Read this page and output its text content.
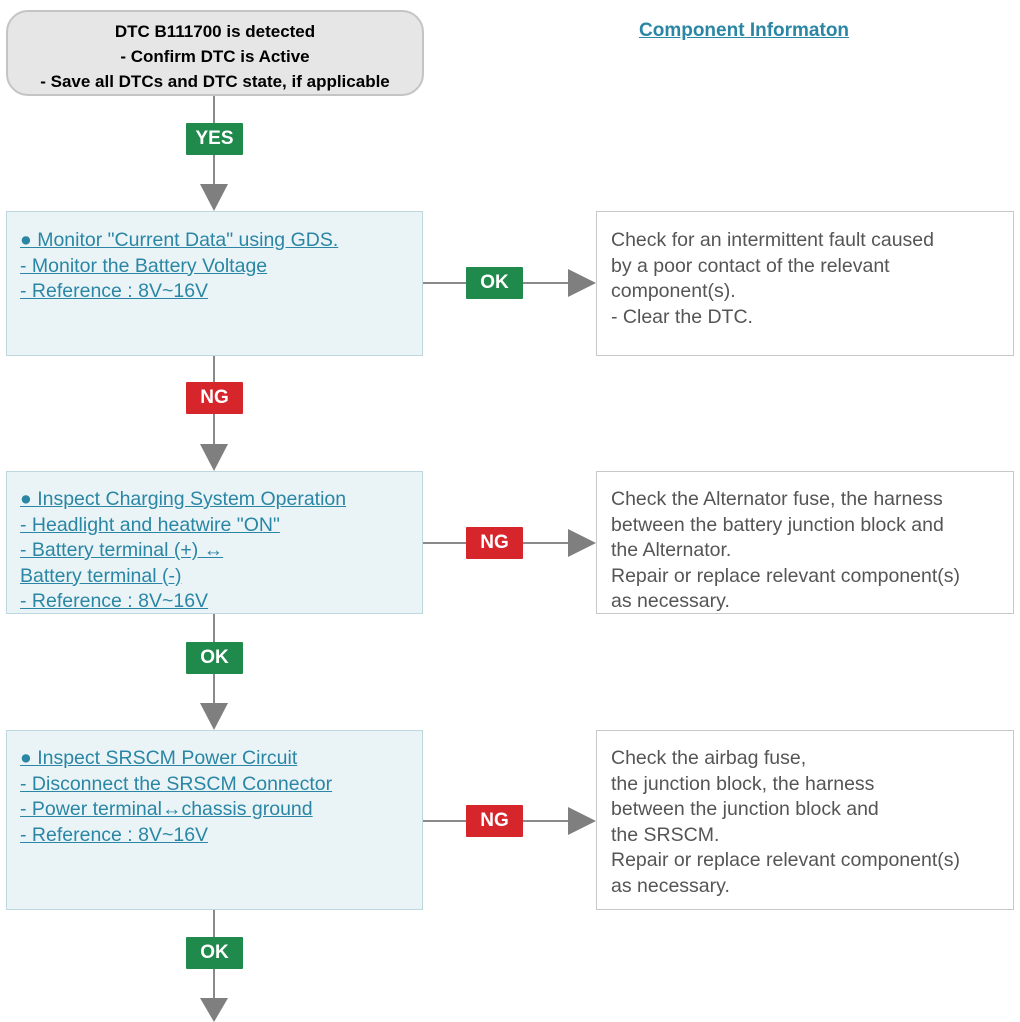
DTC B111700 is detected
- Confirm DTC is Active
- Save all DTCs and DTC state, if applicable
Component Informaton
YES
OK
NG
NG
OK
NG
OK
● Monitor "Current Data" using GDS.
- Monitor the Battery Voltage
- Reference : 8V~16V
● Inspect Charging System Operation
- Headlight and heatwire "ON"
- Battery terminal (+) ↔
Battery terminal (-)
- Reference : 8V~16V
● Inspect SRSCM Power Circuit
- Disconnect the SRSCM Connector
- Power terminal↔chassis ground
- Reference : 8V~16V
Check for an intermittent fault caused
by a poor contact of the relevant
component(s).
- Clear the DTC.
Check the Alternator fuse, the harness
between the battery junction block and
the Alternator.
Repair or replace relevant component(s)
as necessary.
Check the airbag fuse,
the junction block, the harness
between the junction block and
the SRSCM.
Repair or replace relevant component(s)
as necessary.
